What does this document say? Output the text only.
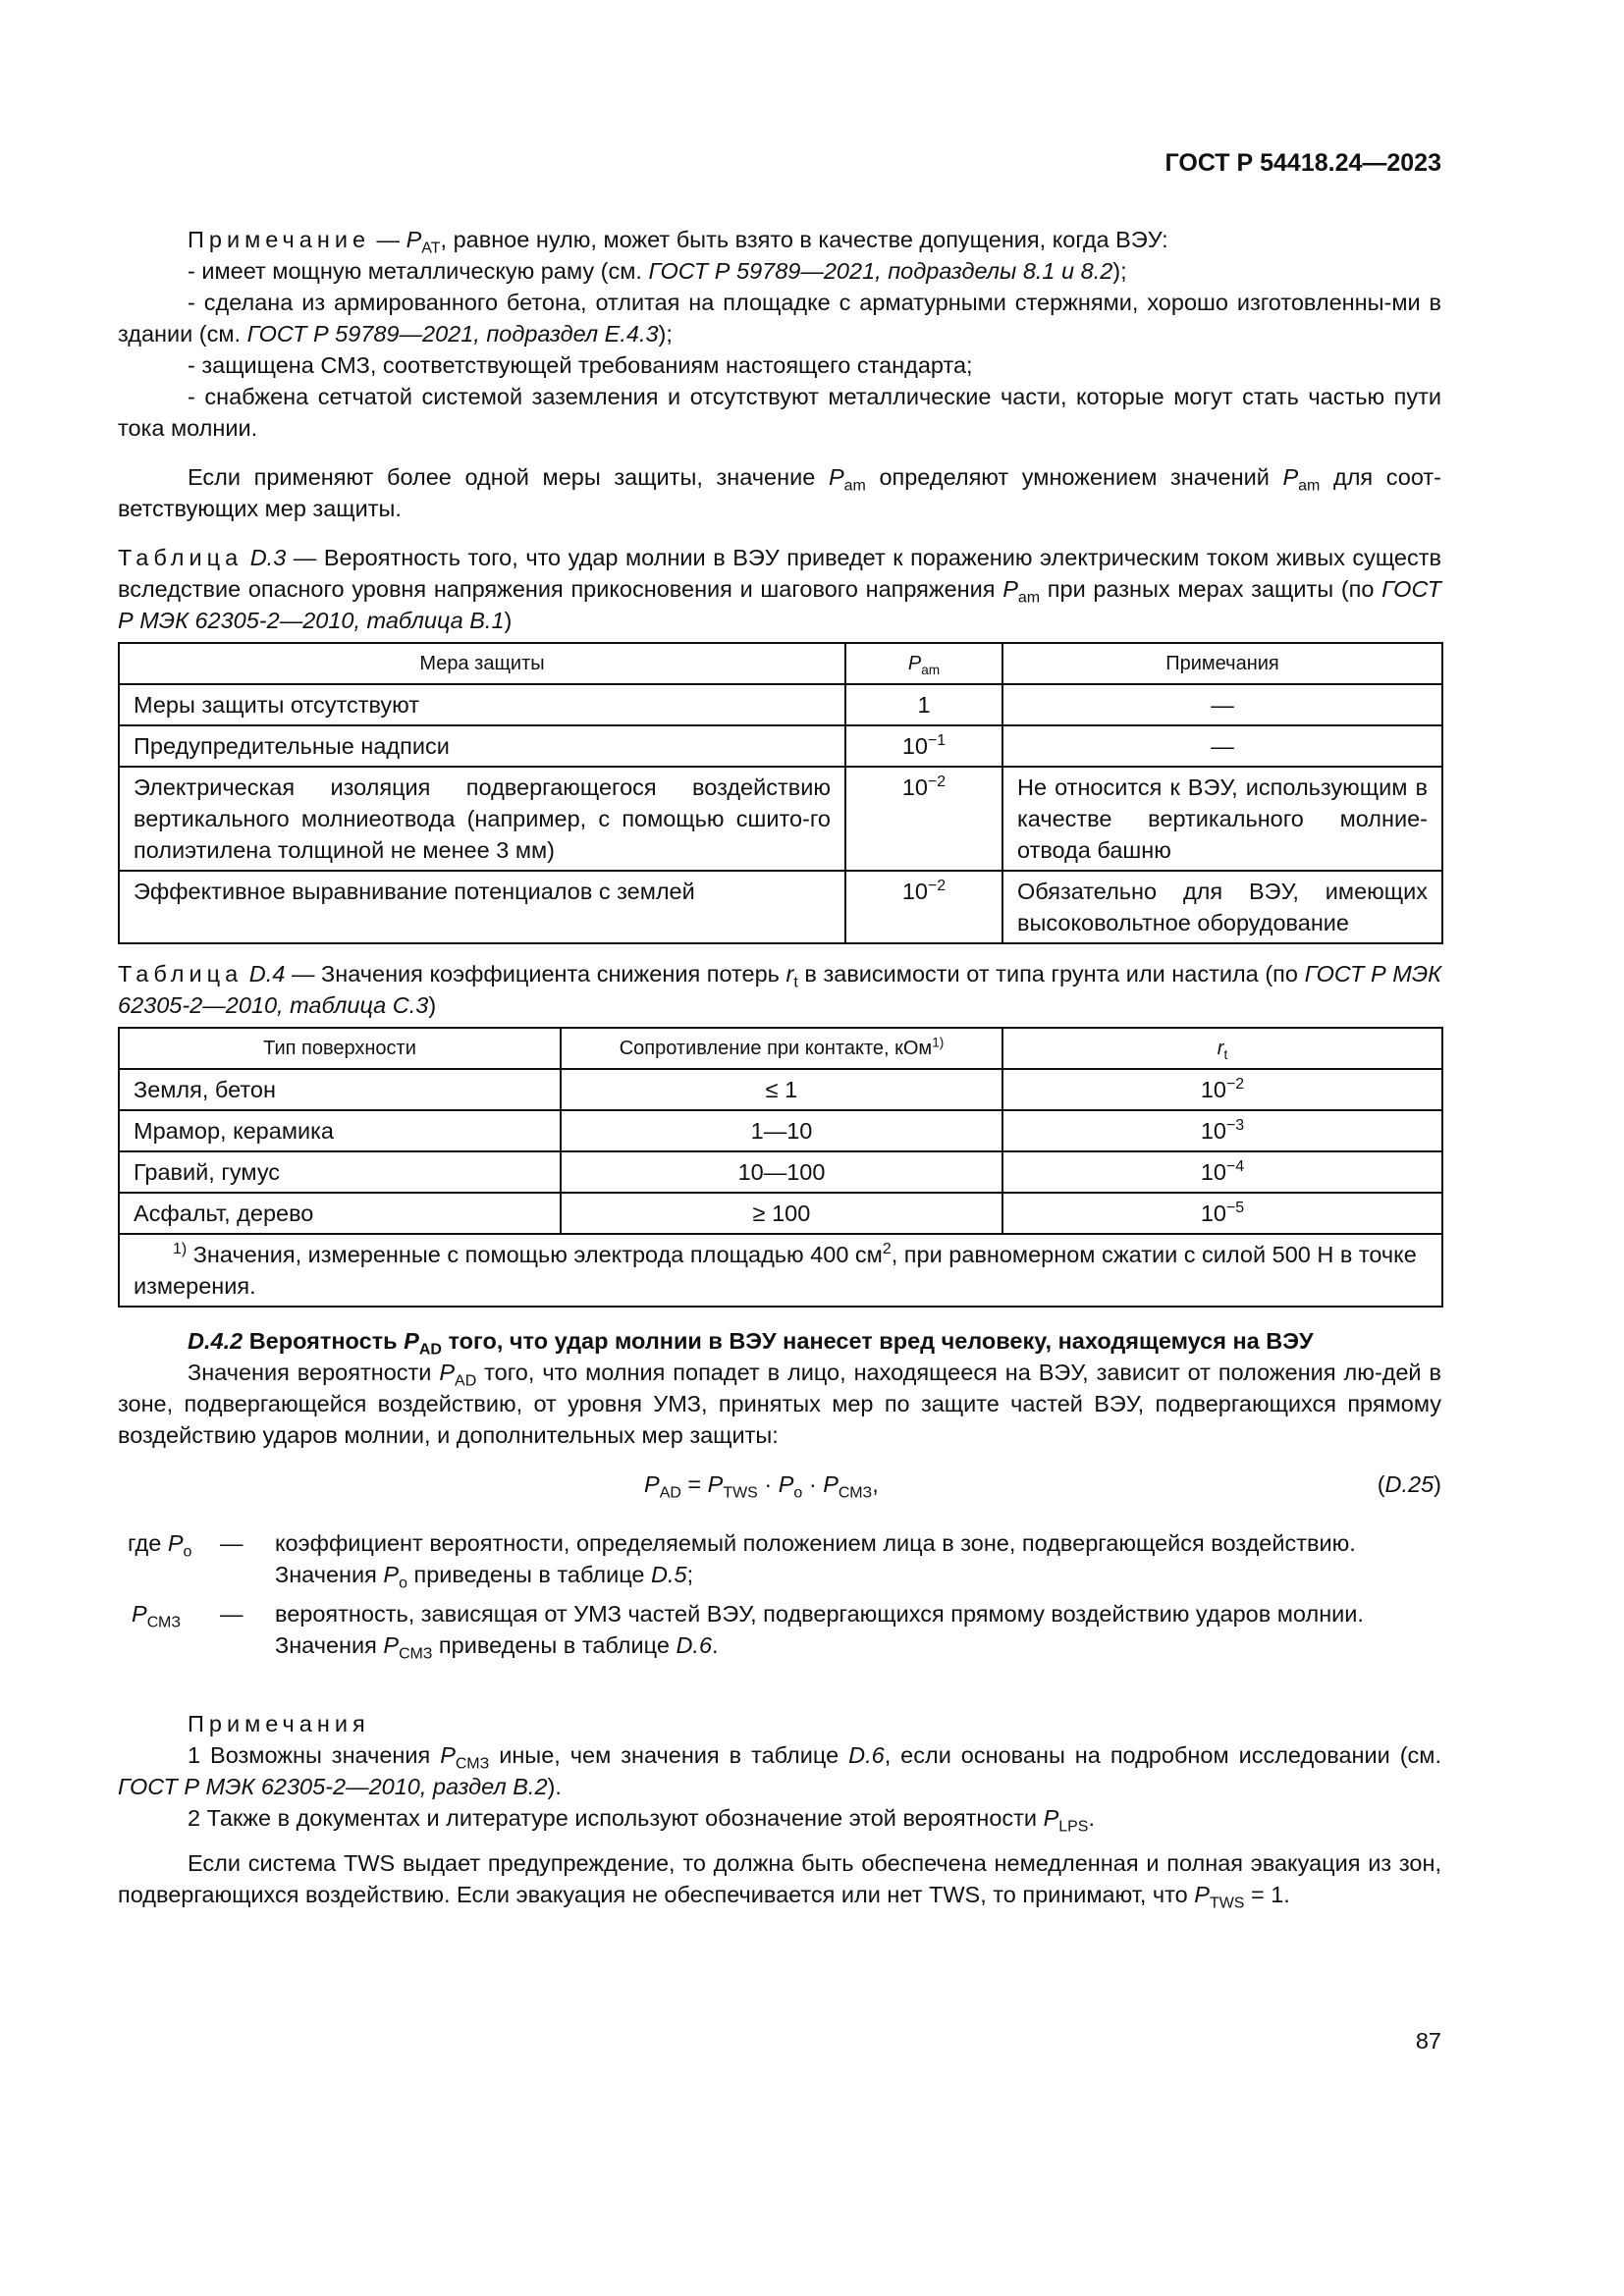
ГОСТ Р 54418.24—2023

Примечание — $P_{AT}$, равное нулю, может быть взято в качестве допущения, когда ВЭУ:

- имеет мощную металлическую раму (см. ГОСТ Р 59789—2021, подразделы 8.1 и 8.2);

- сделана из армированного бетона, отлитая на площадке с арматурными стержнями, хорошо изготовленны-ми в здании (см. ГОСТ Р 59789—2021, подраздел Е.4.3);

- защищена СМЗ, соответствующей требованиям настоящего стандарта;

- снабжена сетчатой системой заземления и отсутствуют металлические части, которые могут стать частью пути тока молнии.

Если применяют более одной меры защиты, значение $P_{am}$ определяют умножением значений $P_{am}$ для соот-ветствующих мер защиты.

Таблица D.3 — Вероятность того, что удар молнии в ВЭУ приведет к поражению электрическим током живых существ вследствие опасного уровня напряжения прикосновения и шагового напряжения $P_{am}$ при разных мерах защиты (по ГОСТ Р МЭК 62305-2—2010, таблица В.1)

Мера защиты	$P_{am}$	Примечания
Меры защиты отсутствуют	1	—
Предупредительные надписи	$10^{-1}$	—
Электрическая изоляция подвергающегося воздействию вертикального молниеотвода (например, с помощью сшито-го полиэтилена толщиной не менее 3 мм)	$10^{-2}$	Не относится к ВЭУ, использующим в качестве вертикального молние-отвода башню
Эффективное выравнивание потенциалов с землей	$10^{-2}$	Обязательно для ВЭУ, имеющих высоковольтное оборудование

Таблица D.4 — Значения коэффициента снижения потерь $r_t$ в зависимости от типа грунта или настила (по ГОСТ Р МЭК 62305-2—2010, таблица С.3)

Тип поверхности	Сопротивление при контакте, кОм$^{1)}$	$r_t$
Земля, бетон	≤ 1	$10^{-2}$
Мрамор, керамика	1—10	$10^{-3}$
Гравий, гумус	10—100	$10^{-4}$
Асфальт, дерево	≥ 100	$10^{-5}$
$^{1)}$ Значения, измеренные с помощью электрода площадью 400 $см^2$, при равномерном сжатии с силой 500 Н в точке измерения.		

D.4.2 Вероятность $P_{AD}$ того, что удар молнии в ВЭУ нанесет вред человеку, находящемуся на ВЭУ

Значения вероятности $P_{AD}$ того, что молния попадет в лицо, находящееся на ВЭУ, зависит от положения лю-дей в зоне, подвергающейся воздействию, от уровня УМЗ, принятых мер по защите частей ВЭУ, подвергающихся прямому воздействию ударов молнии, и дополнительных мер защиты:

$P_{AD} = P_{TWS} \cdot P_o \cdot P_{СМЗ}$,	(D.25)
где $P_o$ — коэффициент вероятности, определяемый положением лица в зоне, подвергающейся воздействию.
Значения $P_o$ приведены в таблице D.5;
$P_{СМЗ}$ — вероятность, зависящая от УМЗ частей ВЭУ, подвергающихся прямому воздействию ударов молнии.
Значения $P_{СМЗ}$ приведены в таблице D.6.

Примечания

1 Возможны значения $P_{СМЗ}$ иные, чем значения в таблице D.6, если основаны на подробном исследовании (см. ГОСТ Р МЭК 62305-2—2010, раздел В.2).

2 Также в документах и литературе используют обозначение этой вероятности $P_{LPS}$.

Если система TWS выдает предупреждение, то должна быть обеспечена немедленная и полная эвакуация из зон, подвергающихся воздействию. Если эвакуация не обеспечивается или нет TWS, то принимают, что $P_{TWS} = 1$.

87
